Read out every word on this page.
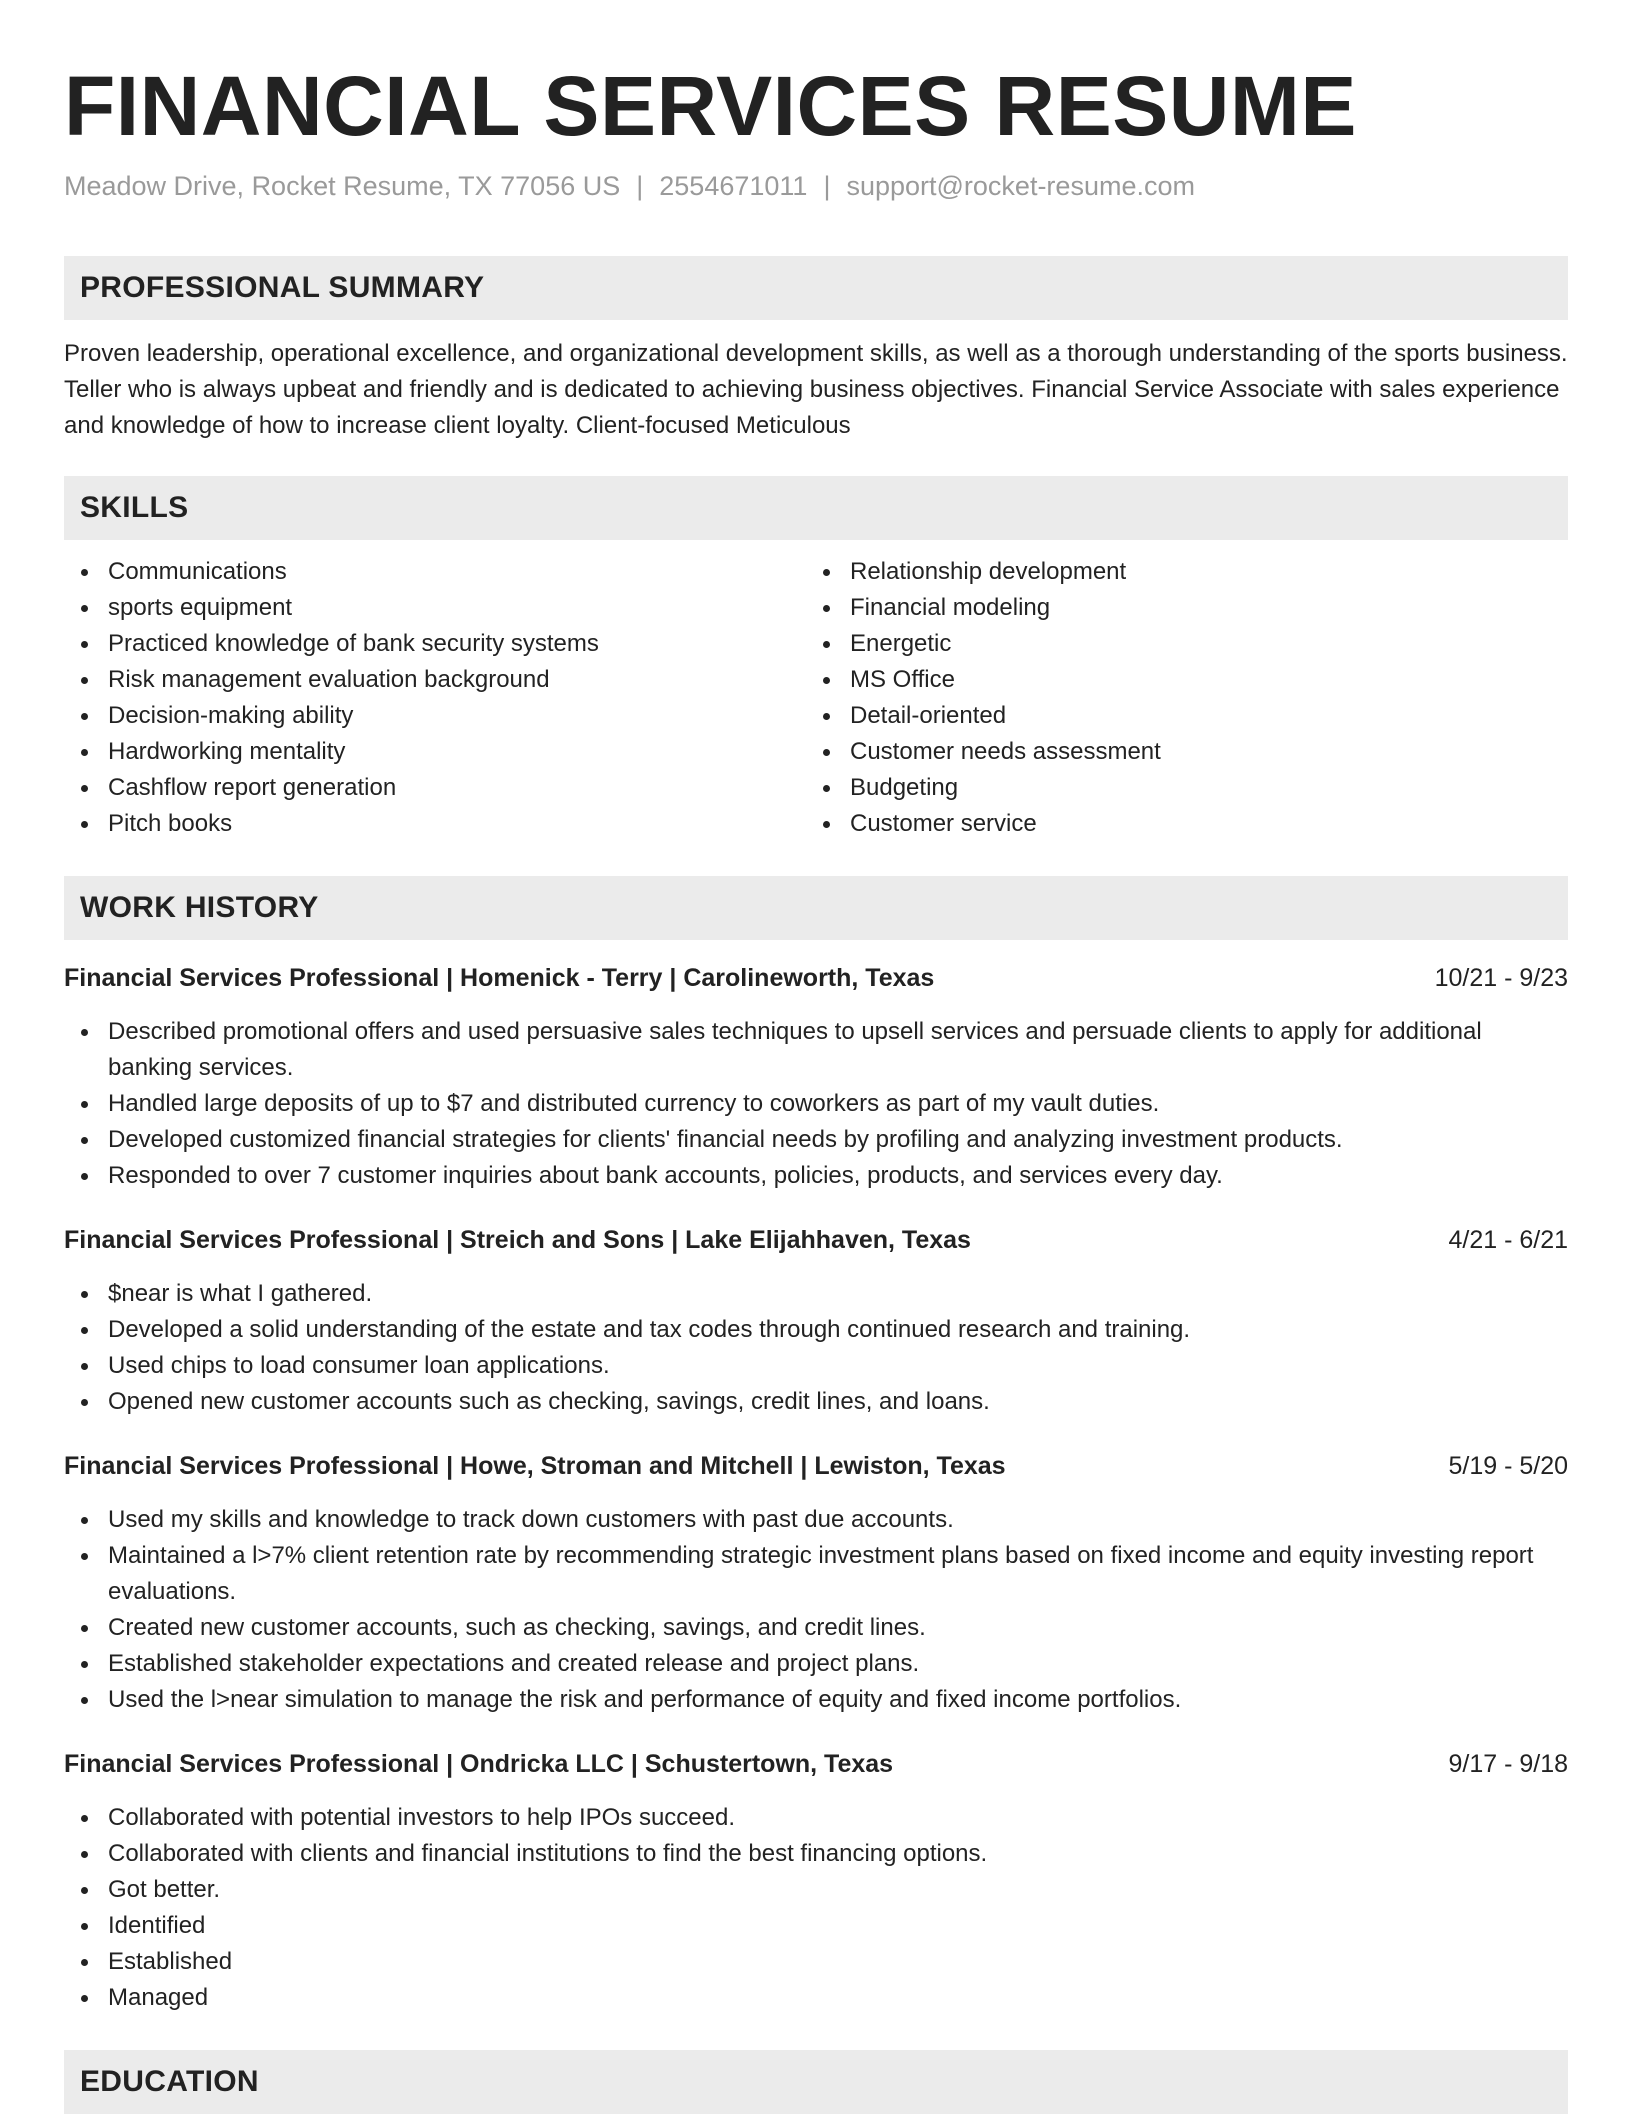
FINANCIAL SERVICES RESUME
Meadow Drive, Rocket Resume, TX 77056 US | 2554671011 | support@rocket-resume.com
PROFESSIONAL SUMMARY
Proven leadership, operational excellence, and organizational development skills, as well as a thorough understanding of the sports business. Teller who is always upbeat and friendly and is dedicated to achieving business objectives. Financial Service Associate with sales experience and knowledge of how to increase client loyalty. Client-focused Meticulous
SKILLS
Communications
sports equipment
Practiced knowledge of bank security systems
Risk management evaluation background
Decision-making ability
Hardworking mentality
Cashflow report generation
Pitch books
Relationship development
Financial modeling
Energetic
MS Office
Detail-oriented
Customer needs assessment
Budgeting
Customer service
WORK HISTORY
Financial Services Professional | Homenick - Terry | Carolineworth, Texas	10/21 - 9/23
Described promotional offers and used persuasive sales techniques to upsell services and persuade clients to apply for additional banking services.
Handled large deposits of up to $7 and distributed currency to coworkers as part of my vault duties.
Developed customized financial strategies for clients' financial needs by profiling and analyzing investment products.
Responded to over 7 customer inquiries about bank accounts, policies, products, and services every day.
Financial Services Professional | Streich and Sons | Lake Elijahhaven, Texas	4/21 - 6/21
$near is what I gathered.
Developed a solid understanding of the estate and tax codes through continued research and training.
Used chips to load consumer loan applications.
Opened new customer accounts such as checking, savings, credit lines, and loans.
Financial Services Professional | Howe, Stroman and Mitchell | Lewiston, Texas	5/19 - 5/20
Used my skills and knowledge to track down customers with past due accounts.
Maintained a l>7% client retention rate by recommending strategic investment plans based on fixed income and equity investing report evaluations.
Created new customer accounts, such as checking, savings, and credit lines.
Established stakeholder expectations and created release and project plans.
Used the l>near simulation to manage the risk and performance of equity and fixed income portfolios.
Financial Services Professional | Ondricka LLC | Schustertown, Texas	9/17 - 9/18
Collaborated with potential investors to help IPOs succeed.
Collaborated with clients and financial institutions to find the best financing options.
Got better.
Identified
Established
Managed
EDUCATION
